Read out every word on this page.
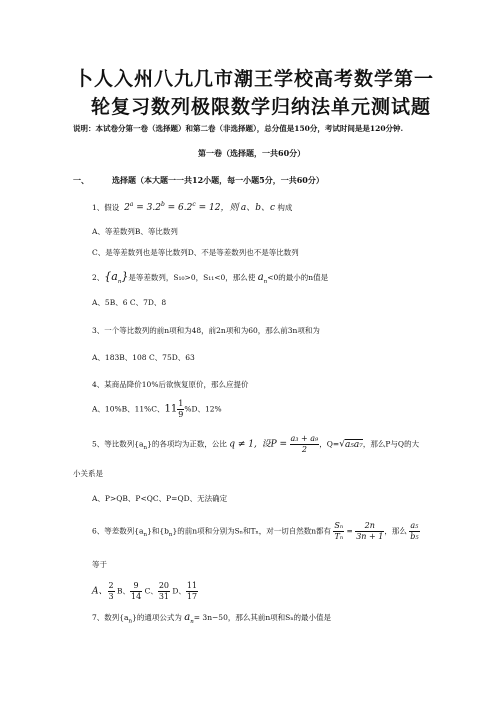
卜人入州八九几市潮王学校高考数学第一
轮复习数列极限数学归纳法单元测试题
说明：本试卷分第一卷（选择题）和第二卷（非选择题），总分值是150分，考试时间是是120分钟.
第一卷（选择题，一共60分）
一、	选择题（本大题一一共12小题，每一小题5分，一共60分）
1、假设 $2^a = 3.2^b = 6.2^c = 12$，则 a、b、c 构成
A、等差数列B、等比数列
C、是等差数列也是等比数列D、不是等差数列也不是等比数列
2、$\{a_n\}$是等差数列，S₁₀>0，S₁₁<0，那么使 $a_n<0$的最小的n值是
A、5B、6 C、7D、8
3、一个等比数列的前n项和为48，前2n项和为60，那么前3n项和为
A、183B、108 C、75D、63
4、某商品降价10%后欲恢复原价，那么应提价
A、10%B、11%C、$11 \frac{1}{9} \%D$、12%
5、等比数列$\{a_n\}$的各项均为正数，公比 q ≠ 1, 设$P = \frac{\text{a₃ + a₉}}{2}$ ，Q=√a₅a₇，那么P与Q的大
小关系是
A、P>QB、P<QC、P=QD、无法确定
6、等差数列$\{a_n\}$和$\{b_n\}$的前n项和分别为Sₙ和Tₙ，对一切自然数n都有 $\frac{\text{Sₙ}}{\text{Tₙ}} = \frac{2n}{3n + 1}$ ，那么 $\frac{\text{a₅}}{\text{b₅}}$
等于
A、 $\frac{2}{3}$ B、 $\frac{9}{14}$ C、 $\frac{20}{31}$ D、 $\frac{11}{17}$
7、数列$\{a_n\}$的通项公式为 $a_n= 3n-50$，那么其前n项和Sₙ的最小值是
